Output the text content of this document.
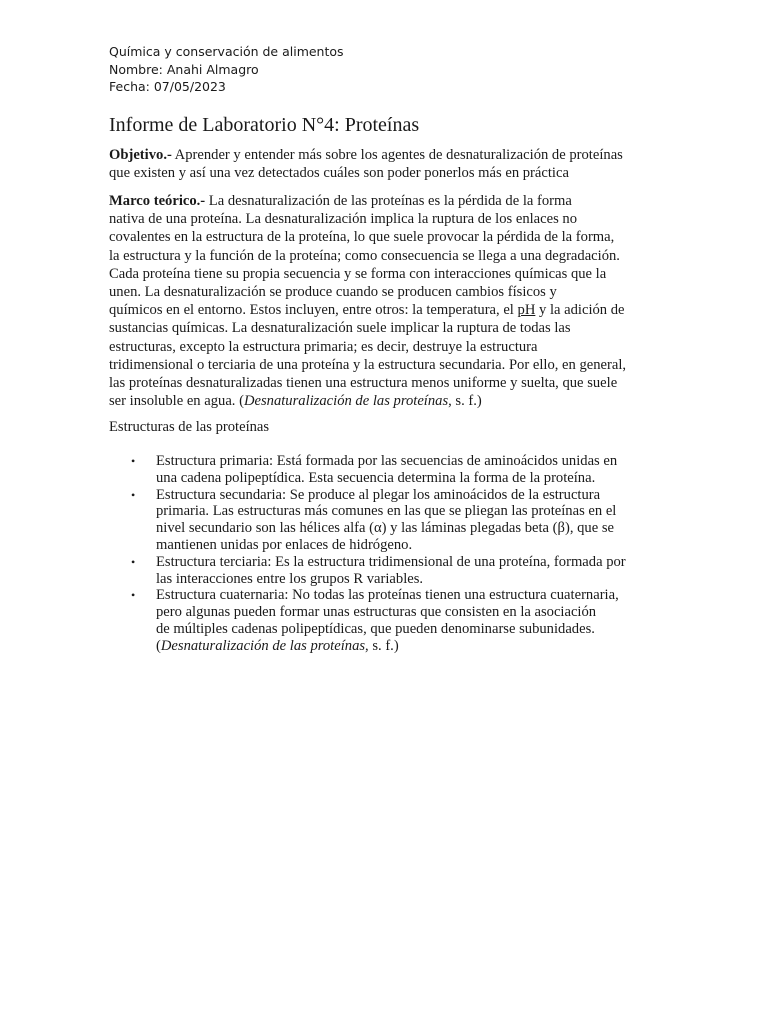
Química y conservación de alimentos
Nombre: Anahi Almagro
Fecha: 07/05/2023
Informe de Laboratorio N°4: Proteínas

Objetivo.- Aprender y entender más sobre los agentes de desnaturalización de proteínas
que existen y así una vez detectados cuáles son poder ponerlos más en práctica

Marco teórico.- La desnaturalización de las proteínas es la pérdida de la forma
nativa de una proteína. La desnaturalización implica la ruptura de los enlaces no
covalentes en la estructura de la proteína, lo que suele provocar la pérdida de la forma,
la estructura y la función de la proteína; como consecuencia se llega a una degradación.
Cada proteína tiene su propia secuencia y se forma con interacciones químicas que la
unen. La desnaturalización se produce cuando se producen cambios físicos y
químicos en el entorno. Estos incluyen, entre otros: la temperatura, el pH y la adición de
sustancias químicas. La desnaturalización suele implicar la ruptura de todas las
estructuras, excepto la estructura primaria; es decir, destruye la estructura
tridimensional o terciaria de una proteína y la estructura secundaria. Por ello, en general,
las proteínas desnaturalizadas tienen una estructura menos uniforme y suelta, que suele
ser insoluble en agua. (Desnaturalización de las proteínas, s. f.)

Estructuras de las proteínas

• Estructura primaria: Está formada por las secuencias de aminoácidos unidas en
una cadena polipeptídica. Esta secuencia determina la forma de la proteína.
• Estructura secundaria: Se produce al plegar los aminoácidos de la estructura
primaria. Las estructuras más comunes en las que se pliegan las proteínas en el
nivel secundario son las hélices alfa (α) y las láminas plegadas beta (β), que se
mantienen unidas por enlaces de hidrógeno.
• Estructura terciaria: Es la estructura tridimensional de una proteína, formada por
las interacciones entre los grupos R variables.
• Estructura cuaternaria: No todas las proteínas tienen una estructura cuaternaria,
pero algunas pueden formar unas estructuras que consisten en la asociación
de múltiples cadenas polipeptídicas, que pueden denominarse subunidades.
(Desnaturalización de las proteínas, s. f.)
